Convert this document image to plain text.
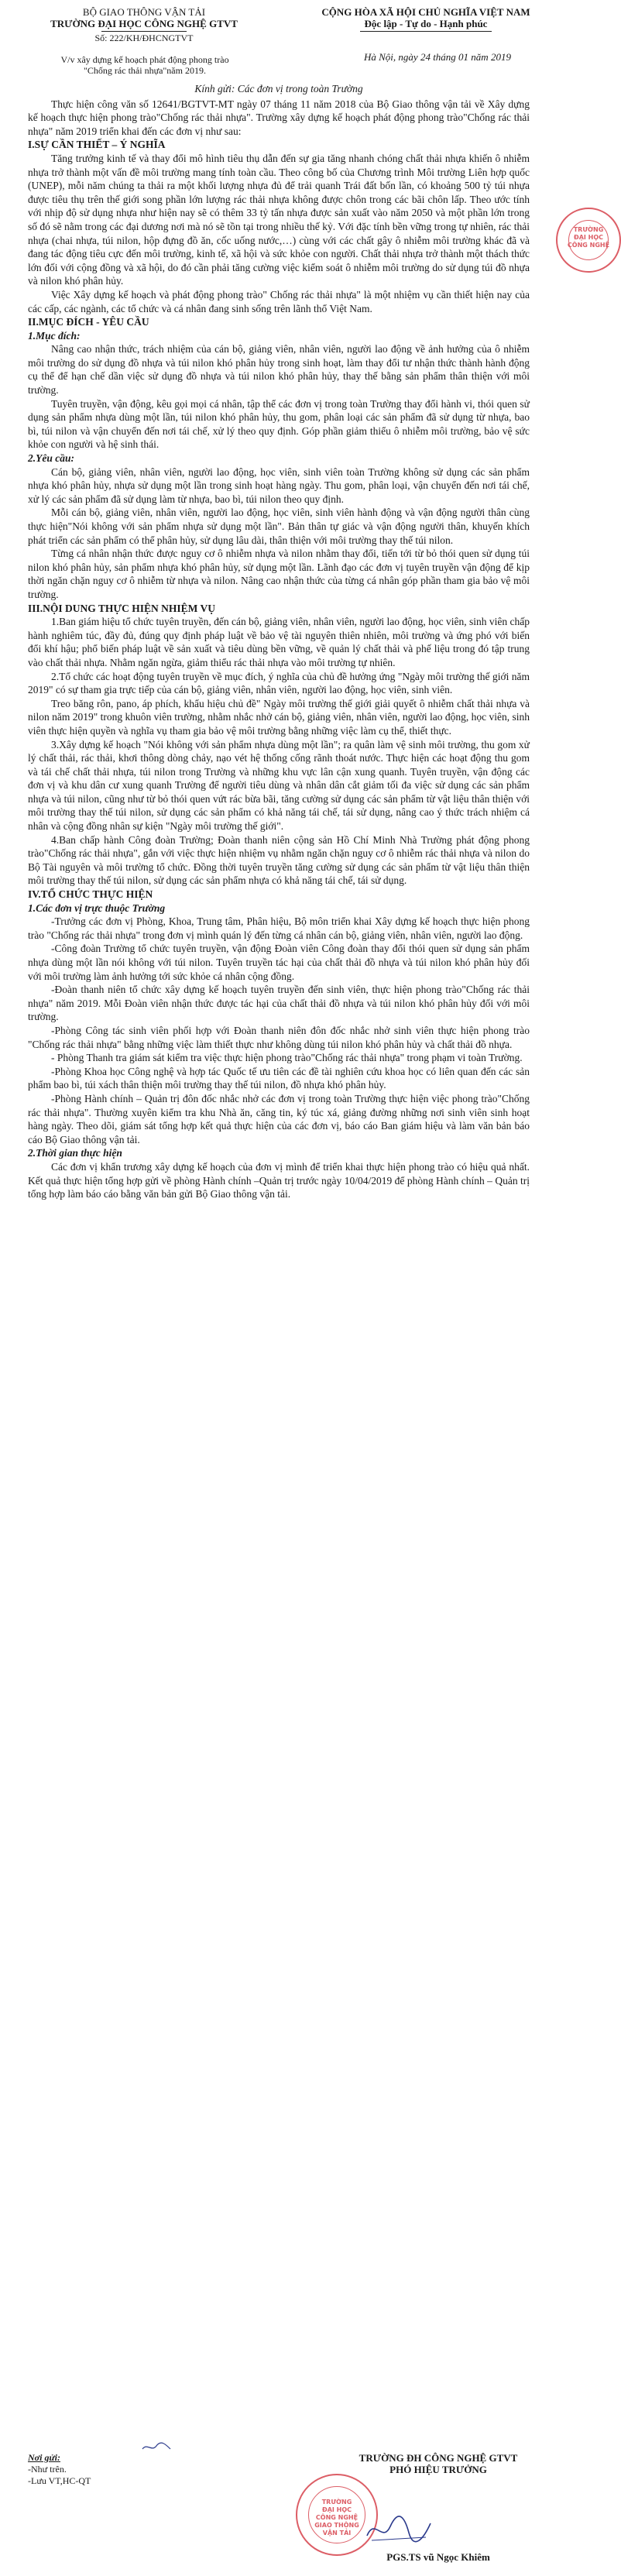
BỘ GIAO THÔNG VẬN TẢI
TRƯỜNG ĐẠI HỌC CÔNG NGHỆ GTVT
Số: 222/KH/ĐHCNGTVT
CỘNG HÒA XÃ HỘI CHỦ NGHĨA VIỆT NAM
Độc lập - Tự do - Hạnh phúc
V/v xây dựng kế hoạch phát động phong trào "Chống rác thải nhựa"năm 2019.
Hà Nội, ngày 24 tháng 01 năm 2019

Kính gửi: Các đơn vị trong toàn Trường

Thực hiện công văn số 12641/BGTVT-MT ngày 07 tháng 11 năm 2018 của Bộ Giao thông vận tải về Xây dựng kế hoạch thực hiện phong trào"Chống rác thải nhựa". Trường xây dựng kế hoạch phát động phong trào"Chống rác thải nhựa" năm 2019 triển khai đến các đơn vị như sau:

I.SỰ CẦN THIẾT – Ý NGHĨA

Tăng trưởng kinh tế và thay đổi mô hình tiêu thụ dẫn đến sự gia tăng nhanh chóng chất thải nhựa khiến ô nhiễm nhựa trở thành một vấn đề môi trường mang tính toàn cầu. Theo công bố của Chương trình Môi trường Liên hợp quốc (UNEP), mỗi năm chúng ta thải ra một khối lượng nhựa đủ để trải quanh Trái đất bốn lần, có khoảng 500 tỷ túi nhựa được tiêu thụ trên thế giới song phần lớn lượng rác thải nhựa không được chôn trong các bãi chôn lấp. Theo ước tính với nhịp độ sử dụng nhựa như hiện nay sẽ có thêm 33 tỷ tấn nhựa được sản xuất vào năm 2050 và một phần lớn trong số đó sẽ nằm trong các đại dương nơi mà nó sẽ tồn tại trong nhiều thế kỷ. Với đặc tính bền vững trong tự nhiên, rác thải nhựa (chai nhựa, túi nilon, hộp đựng đồ ăn, cốc uống nước,…) cùng với các chất gây ô nhiễm môi trường khác đã và đang tác động tiêu cực đến môi trường, kinh tế, xã hội và sức khỏe con người. Chất thải nhựa trở thành một thách thức lớn đối với cộng đồng và xã hội, do đó cần phải tăng cường việc kiểm soát ô nhiễm môi trường do sử dụng túi đồ nhựa và nilon khó phân hủy.

Việc Xây dựng kế hoạch và phát động phong trào" Chống rác thải nhựa" là một nhiệm vụ cần thiết hiện nay của các cấp, các ngành, các tổ chức và cá nhân đang sinh sống trên lãnh thổ Việt Nam.

II.MỤC ĐÍCH - YÊU CẦU

1.Mục đích:

Nâng cao nhận thức, trách nhiệm của cán bộ, giảng viên, nhân viên, người lao động về ảnh hưởng của ô nhiễm môi trường do sử dụng đồ nhựa và túi nilon khó phân hủy trong sinh hoạt, làm thay đổi tư nhận thức thành hành động cụ thể để hạn chế dần việc sử dụng đồ nhựa và túi nilon khó phân hủy, thay thế bằng sản phẩm thân thiện với môi trường.

Tuyên truyền, vận động, kêu gọi mọi cá nhân, tập thể các đơn vị trong toàn Trường thay đổi hành vi, thói quen sử dụng sản phẩm nhựa dùng một lần, túi nilon khó phân hủy, thu gom, phân loại các sản phẩm đã sử dụng từ nhựa, bao bì, túi nilon và vận chuyển đến nơi tái chế, xử lý theo quy định. Góp phần giảm thiểu ô nhiễm môi trường, bảo vệ sức khỏe con người và hệ sinh thái.

2.Yêu cầu:

Cán bộ, giảng viên, nhân viên, người lao động, học viên, sinh viên toàn Trường không sử dụng các sản phẩm nhựa khó phân hủy, nhựa sử dụng một lần trong sinh hoạt hàng ngày. Thu gom, phân loại, vận chuyển đến nơi tái chế, xử lý các sản phẩm đã sử dụng làm từ nhựa, bao bì, túi nilon theo quy định.

Mỗi cán bộ, giảng viên, nhân viên, người lao động, học viên, sinh viên hành động và vận động người thân cùng thực hiện"Nói không với sản phẩm nhựa sử dụng một lần". Bản thân tự giác và vận động người thân, khuyến khích phát triển các sản phẩm có thể phân hủy, sử dụng lâu dài, thân thiện với môi trường thay thế túi nilon.

Từng cá nhân nhận thức được nguy cơ ô nhiễm nhựa và nilon nhằm thay đổi, tiến tới từ bỏ thói quen sử dụng túi nilon khó phân hủy, sản phẩm nhựa khó phân hủy, sử dụng một lần. Lãnh đạo các đơn vị tuyên truyền vận động để kịp thời ngăn chặn nguy cơ ô nhiễm từ nhựa và nilon. Nâng cao nhận thức của từng cá nhân góp phần tham gia bảo vệ môi trường.

III.NỘI DUNG THỰC HIỆN NHIỆM VỤ

1.Ban giám hiệu tổ chức tuyên truyền, đến cán bộ, giảng viên, nhân viên, người lao động, học viên, sinh viên chấp hành nghiêm túc, đầy đủ, đúng quy định pháp luật về bảo vệ tài nguyên thiên nhiên, môi trường và ứng phó với biến đổi khí hậu; phổ biến pháp luật về sản xuất và tiêu dùng bền vững, về quản lý chất thải và phế liệu trong đó tập trung vào chất thải nhựa. Nhằm ngăn ngừa, giảm thiểu rác thải nhựa vào môi trường tự nhiên.

2.Tổ chức các hoạt động tuyên truyền về mục đích, ý nghĩa của chủ đề hưởng ứng "Ngày môi trường thế giới năm 2019" có sự tham gia trực tiếp của cán bộ, giảng viên, nhân viên, người lao động, học viên, sinh viên.

Treo băng rôn, pano, áp phích, khẩu hiệu chủ đề" Ngày môi trường thế giới giải quyết ô nhiễm chất thải nhựa và nilon năm 2019" trong khuôn viên trường, nhằm nhắc nhở cán bộ, giảng viên, nhân viên, người lao động, học viên, sinh viên thực hiện quyền và nghĩa vụ tham gia bảo vệ môi trường bằng những việc làm cụ thể, thiết thực.

3.Xây dựng kế hoạch "Nói không với sản phẩm nhựa dùng một lần"; ra quân làm vệ sinh môi trường, thu gom xử lý chất thải, rác thải, khơi thông dòng chảy, nạo vét hệ thống cống rãnh thoát nước. Thực hiện các hoạt động thu gom và tái chế chất thải nhựa, túi nilon trong Trường và những khu vực lân cận xung quanh. Tuyên truyền, vận động các đơn vị và khu dân cư xung quanh Trường để người tiêu dùng và nhân dân cắt giảm tối đa việc sử dụng các sản phẩm nhựa và túi nilon, cũng như từ bỏ thói quen vứt rác bừa bãi, tăng cường sử dụng các sản phẩm từ vật liệu thân thiện với môi trường thay thế túi nilon, sử dụng các sản phẩm có khả năng tái chế, tái sử dụng, nâng cao ý thức trách nhiệm cá nhân và cộng đồng nhân sự kiện "Ngày môi trường thế giới".

4.Ban chấp hành Công đoàn Trường; Đoàn thanh niên cộng sản Hồ Chí Minh Nhà Trường phát động phong trào"Chống rác thải nhựa", gắn với việc thực hiện nhiệm vụ nhằm ngăn chặn nguy cơ ô nhiễm rác thải nhựa và nilon do Bộ Tài nguyên và môi trường tổ chức. Đồng thời tuyên truyền tăng cường sử dụng các sản phẩm từ vật liệu thân thiện môi trường thay thế túi nilon, sử dụng các sản phẩm nhựa có khả năng tái chế, tái sử dụng.

IV.TỔ CHỨC THỰC HIỆN

1.Các đơn vị trực thuộc Trường

-Trưởng các đơn vị Phòng, Khoa, Trung tâm, Phân hiệu, Bộ môn triển khai Xây dựng kế hoạch thực hiện phong trào "Chống rác thải nhựa" trong đơn vị mình quán lý đến từng cá nhân cán bộ, giảng viên, nhân viên, người lao động.

-Công đoàn Trường tổ chức tuyên truyền, vận động Đoàn viên Công đoàn thay đổi thói quen sử dụng sản phẩm nhựa dùng một lần nói không với túi nilon. Tuyên truyền tác hại của chất thải đồ nhựa và túi nilon khó phân hủy đối với môi trường làm ảnh hưởng tới sức khỏe cá nhân cộng đồng.

-Đoàn thanh niên tổ chức xây dựng kế hoạch tuyên truyền đến sinh viên, thực hiện phong trào"Chống rác thải nhựa" năm 2019. Mỗi Đoàn viên nhận thức được tác hại của chất thải đồ nhựa và túi nilon khó phân hủy đối với môi trường.

-Phòng Công tác sinh viên phối hợp với Đoàn thanh niên đôn đốc nhắc nhở sinh viên thực hiện phong trào "Chống rác thải nhựa" bằng những việc làm thiết thực như không dùng túi nilon khó phân hủy và chất thải đồ nhựa.

- Phòng Thanh tra giám sát kiểm tra việc thực hiện phong trào"Chống rác thải nhựa" trong phạm vi toàn Trường.

-Phòng Khoa học Công nghệ và hợp tác Quốc tế ưu tiên các đề tài nghiên cứu khoa học có liên quan đến các sản phẩm bao bì, túi xách thân thiện môi trường thay thế túi nilon, đồ nhựa khó phân hủy.

-Phòng Hành chính – Quản trị đôn đốc nhắc nhở các đơn vị trong toàn Trường thực hiện việc phong trào"Chống rác thải nhựa". Thường xuyên kiểm tra khu Nhà ăn, căng tin, ký túc xá, giảng đường những nơi sinh viên sinh hoạt hàng ngày. Theo dõi, giám sát tổng hợp kết quả thực hiện của các đơn vị, báo cáo Ban giám hiệu và làm văn bản báo cáo Bộ Giao thông vận tải.

2.Thời gian thực hiện

Các đơn vị khẩn trương xây dựng kế hoạch của đơn vị mình để triển khai thực hiện phong trào có hiệu quả nhất. Kết quả thực hiện tổng hợp gửi về phòng Hành chính –Quản trị trước ngày 10/04/2019 để phòng Hành chính – Quản trị tổng hợp làm báo cáo bằng văn bản gửi Bộ Giao thông vận tải.

Nơi gửi:
-Như trên.
-Lưu VT,HC-QT
TRƯỜNG ĐH CÔNG NGHỆ GTVT
PHÓ HIỆU TRƯỞNG
PGS.TS vũ Ngọc Khiêm
TRƯỜNG
ĐẠI HỌC
CÔNG NGHỆ
TRƯỜNG
ĐẠI HỌC
CÔNG NGHỆ
GIAO THÔNG
VẬN TẢI
